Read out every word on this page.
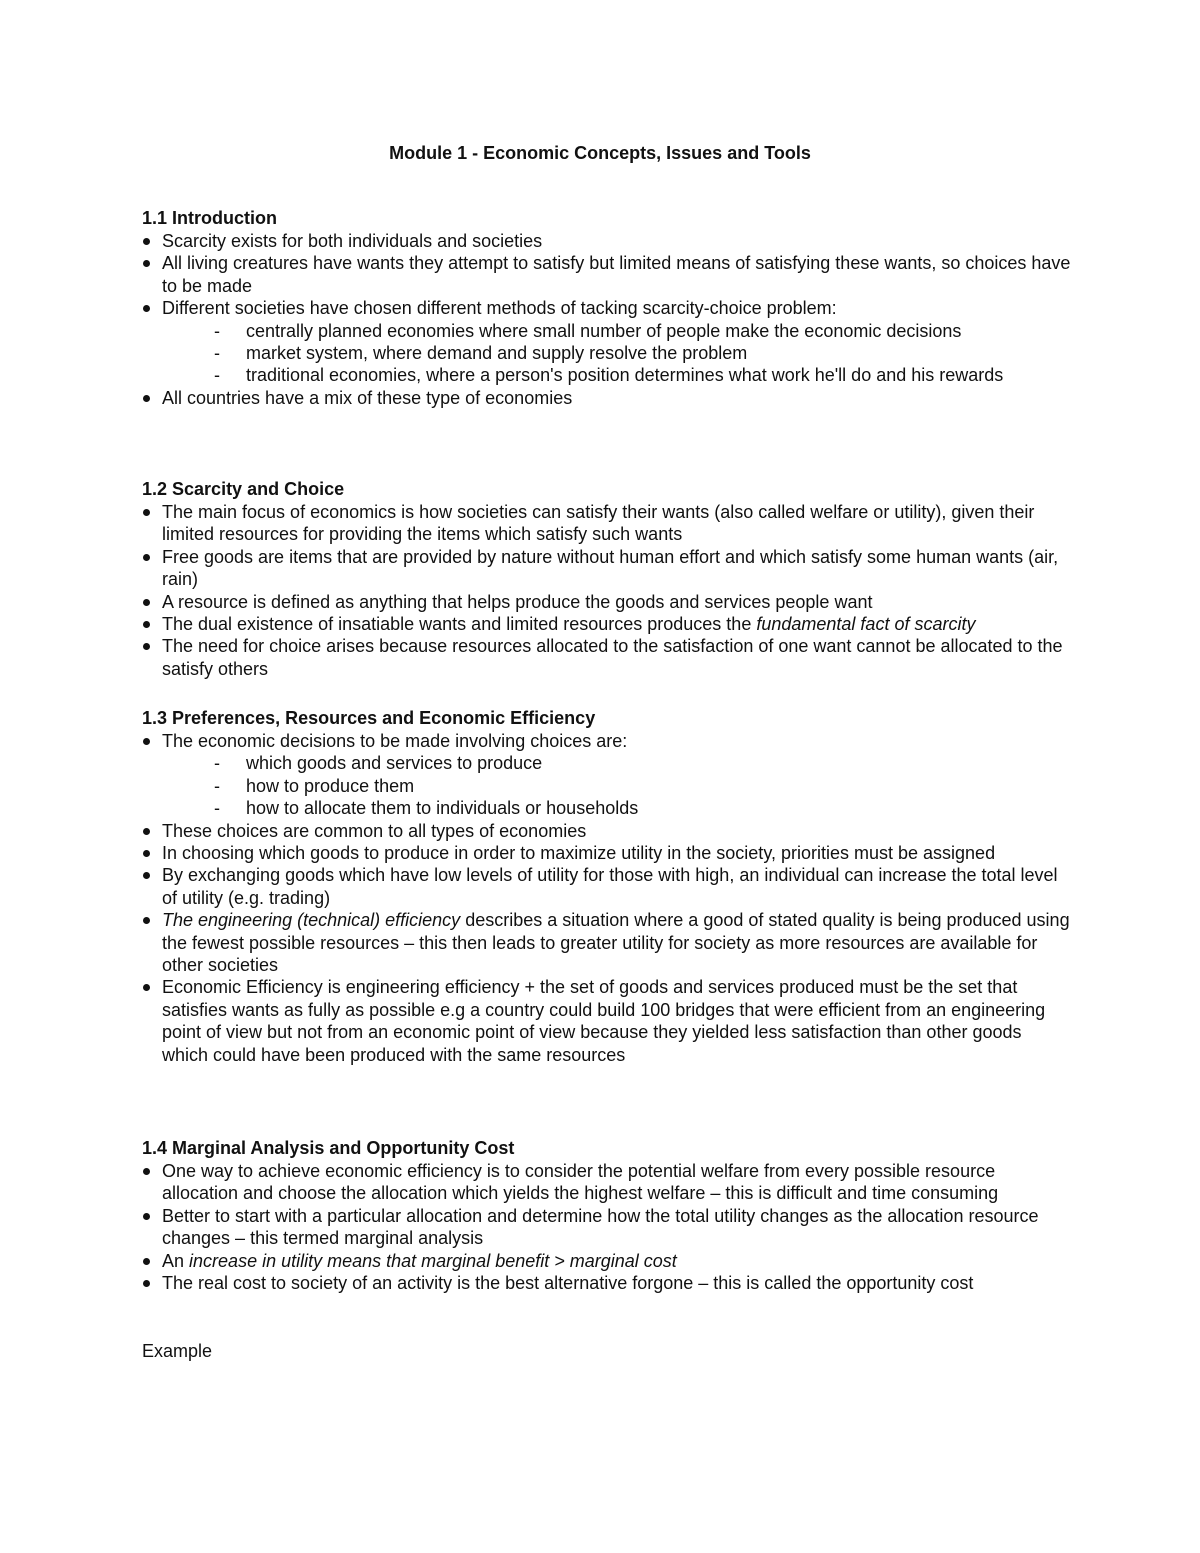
Module 1 - Economic Concepts, Issues and Tools
1.1 Introduction
Scarcity exists for both individuals and societies
All living creatures have wants they attempt to satisfy but limited means of satisfying these wants, so choices have to be made
Different societies have chosen different methods of tacking scarcity-choice problem:
- centrally planned economies where small number of people make the economic decisions
- market system, where demand and supply resolve the problem
- traditional economies, where a person's position determines what work he'll do and his rewards
All countries have a mix of these type of economies
1.2 Scarcity and Choice
The main focus of economics is how societies can satisfy their wants (also called welfare or utility), given their limited resources for providing the items which satisfy such wants
Free goods are items that are provided by nature without human effort and which satisfy some human wants (air, rain)
A resource is defined as anything that helps produce the goods and services people want
The dual existence of insatiable wants and limited resources produces the fundamental fact of scarcity
The need for choice arises because resources allocated to the satisfaction of one want cannot be allocated to the satisfy others
1.3 Preferences, Resources and Economic Efficiency
The economic decisions to be made involving choices are:
- which goods and services to produce
- how to produce them
- how to allocate them to individuals or households
These choices are common to all types of economies
In choosing which goods to produce in order to maximize utility in the society, priorities must be assigned
By exchanging goods which have low levels of utility for those with high, an individual can increase the total level of utility (e.g. trading)
The engineering (technical) efficiency describes a situation where a good of stated quality is being produced using the fewest possible resources – this then leads to greater utility for society as more resources are available for other societies
Economic Efficiency is engineering efficiency + the set of goods and services produced must be the set that satisfies wants as fully as possible e.g a country could build 100 bridges that were efficient from an engineering point of view but not from an economic point of view because they yielded less satisfaction than other goods which could have been produced with the same resources
1.4 Marginal Analysis and Opportunity Cost
One way to achieve economic efficiency is to consider the potential welfare from every possible resource allocation and choose the allocation which yields the highest welfare – this is difficult and time consuming
Better to start with a particular allocation and determine how the total utility changes as the allocation resource changes – this termed marginal analysis
An increase in utility means that marginal benefit > marginal cost
The real cost to society of an activity is the best alternative forgone – this is called the opportunity cost
Example
